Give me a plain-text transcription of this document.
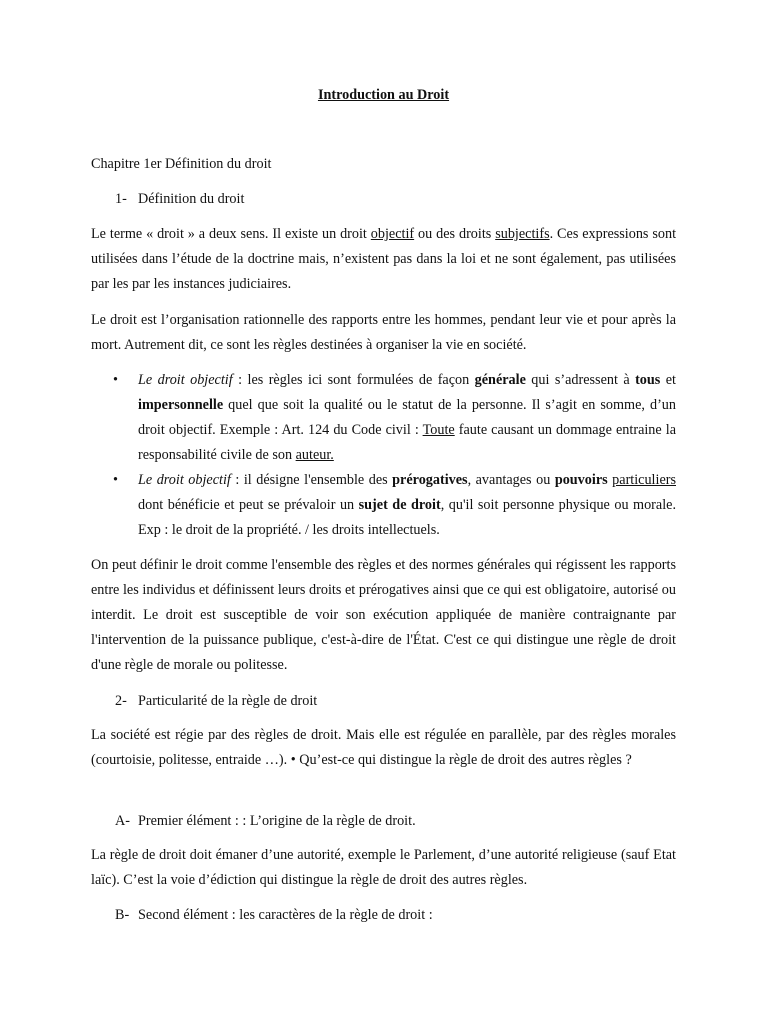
Introduction au Droit
Chapitre 1er Définition du droit
1- Définition du droit
Le terme « droit » a deux sens. Il existe un droit objectif ou des droits subjectifs. Ces expressions sont utilisées dans l’étude de la doctrine mais, n’existent pas dans la loi et ne sont également, pas utilisées par les par les instances judiciaires.
Le droit est l’organisation rationnelle des rapports entre les hommes, pendant leur vie et pour après la mort. Autrement dit, ce sont les règles destinées à organiser la vie en société.
• Le droit objectif : les règles ici sont formulées de façon générale qui s’adressent à tous et impersonnelle quel que soit la qualité ou le statut de la personne. Il s’agit en somme, d’un droit objectif. Exemple : Art. 124 du Code civil : Toute faute causant un dommage entraine la responsabilité civile de son auteur.
• Le droit objectif : il désigne l'ensemble des prérogatives, avantages ou pouvoirs particuliers dont bénéficie et peut se prévaloir un sujet de droit, qu'il soit personne physique ou morale. Exp : le droit de la propriété. / les droits intellectuels.
On peut définir le droit comme l'ensemble des règles et des normes générales qui régissent les rapports entre les individus et définissent leurs droits et prérogatives ainsi que ce qui est obligatoire, autorisé ou interdit. Le droit est susceptible de voir son exécution appliquée de manière contraignante par l'intervention de la puissance publique, c'est-à-dire de l'État. C'est ce qui distingue une règle de droit d'une règle de morale ou politesse.
2- Particularité de la règle de droit
La société est régie par des règles de droit. Mais elle est régulée en parallèle, par des règles morales (courtoisie, politesse, entraide …). • Qu’est-ce qui distingue la règle de droit des autres règles ?
A- Premier élément : : L’origine de la règle de droit.
La règle de droit doit émaner d’une autorité, exemple le Parlement, d’une autorité religieuse (sauf Etat laïc). C’est la voie d’édiction qui distingue la règle de droit des autres règles.
B- Second élément : les caractères de la règle de droit :
